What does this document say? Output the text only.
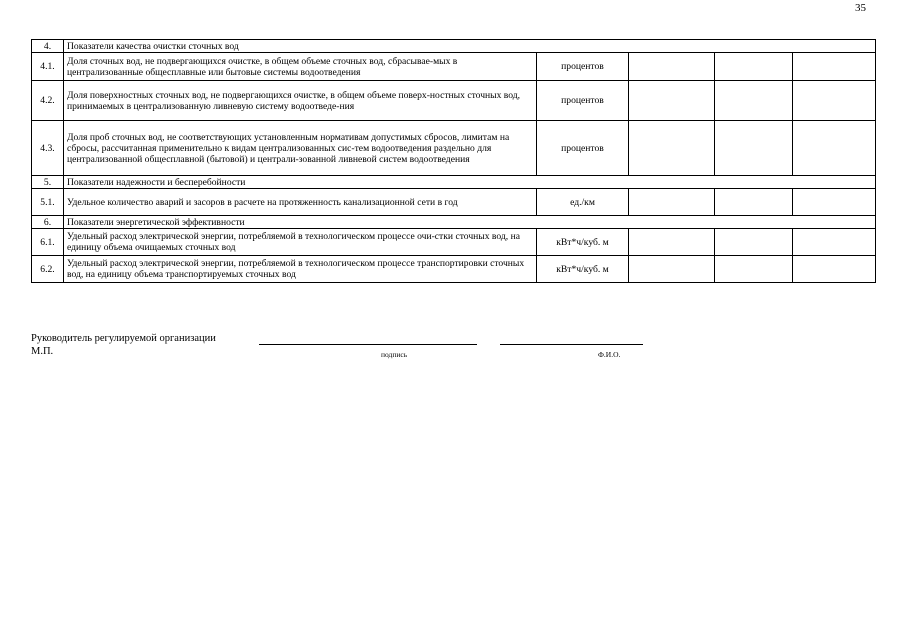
35
4.	Показатели качества очистки сточных вод				
4.1.	Доля сточных вод, не подвергающихся очистке, в общем объеме сточных вод, сбрасывае-мых в централизованные общесплавные или бытовые системы водоотведения	процентов			
4.2.	Доля поверхностных сточных вод, не подвергающихся очистке, в общем объеме поверх-ностных сточных вод, принимаемых в централизованную ливневую систему водоотведе-ния	процентов			
4.3.	Доля проб сточных вод, не соответствующих установленным нормативам допустимых сбросов, лимитам на сбросы, рассчитанная применительно к видам централизованных сис-тем водоотведения раздельно для централизованной общесплавной (бытовой) и централи-зованной ливневой систем водоотведения	процентов			
5.	Показатели надежности и бесперебойности				
5.1.	Удельное количество аварий и засоров в расчете на протяженность канализационной сети в год	ед./км			
6.	Показатели энергетической эффективности				
6.1.	Удельный расход электрической энергии, потребляемой в технологическом процессе очи-стки сточных вод, на единицу объема очищаемых сточных вод	кВт*ч/куб. м			
6.2.	Удельный расход электрической энергии, потребляемой в технологическом процессе транспортировки сточных вод, на единицу объема транспортируемых сточных вод	кВт*ч/куб. м			
Руководитель регулируемой организации
М.П.	подпись	Ф.И.О.
